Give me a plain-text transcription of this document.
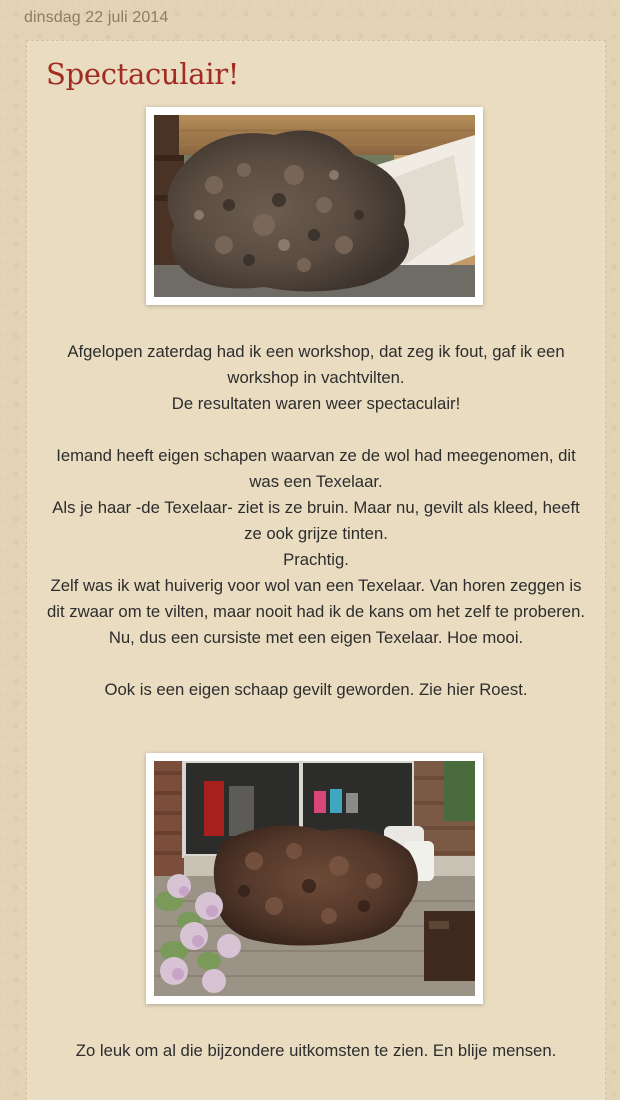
dinsdag 22 juli 2014
Spectaculair!

Afgelopen zaterdag had ik een workshop, dat zeg ik fout, gaf ik een workshop in vachtvilten.

De resultaten waren weer spectaculair!

Iemand heeft eigen schapen waarvan ze de wol had meegenomen, dit was een Texelaar.

Als je haar -de Texelaar- ziet is ze bruin. Maar nu, gevilt als kleed, heeft ze ook grijze tinten.

Prachtig.

Zelf was ik wat huiverig voor wol van een Texelaar. Van horen zeggen is dit zwaar om te vilten, maar nooit had ik de kans om het zelf te proberen. Nu, dus een cursiste met een eigen Texelaar. Hoe mooi.

Ook is een eigen schaap gevilt geworden. Zie hier Roest.

Zo leuk om al die bijzondere uitkomsten te zien. En blije mensen.
